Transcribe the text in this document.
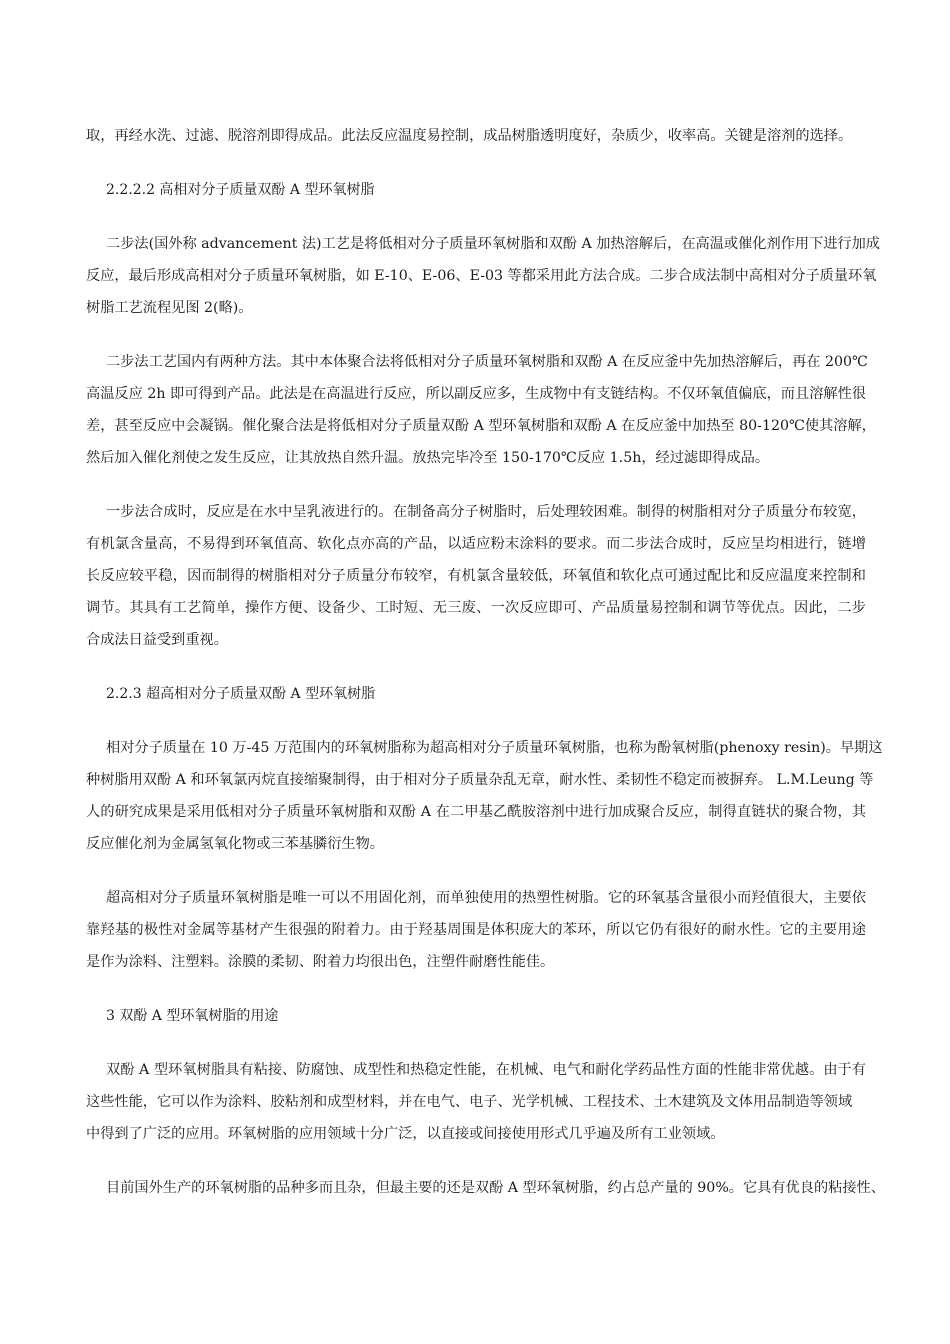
取，再经水洗、过滤、脱溶剂即得成品。此法反应温度易控制，成品树脂透明度好，杂质少，收率高。关键是溶剂的选择。
2.2.2.2 高相对分子质量双酚 A 型环氧树脂
二步法(国外称 advancement 法)工艺是将低相对分子质量环氧树脂和双酚 A 加热溶解后，在高温或催化剂作用下进行加成
反应，最后形成高相对分子质量环氧树脂，如 E-10、E-06、E-03 等都采用此方法合成。二步合成法制中高相对分子质量环氧
树脂工艺流程见图 2(略)。
二步法工艺国内有两种方法。其中本体聚合法将低相对分子质量环氧树脂和双酚 A 在反应釜中先加热溶解后，再在 200℃
高温反应 2h 即可得到产品。此法是在高温进行反应，所以副反应多，生成物中有支链结构。不仅环氧值偏底，而且溶解性很
差，甚至反应中会凝锅。催化聚合法是将低相对分子质量双酚 A 型环氧树脂和双酚 A 在反应釜中加热至 80-120℃使其溶解，
然后加入催化剂使之发生反应，让其放热自然升温。放热完毕冷至 150-170℃反应 1.5h，经过滤即得成品。
一步法合成时，反应是在水中呈乳液进行的。在制备高分子树脂时，后处理较困难。制得的树脂相对分子质量分布较宽，
有机氯含量高，不易得到环氧值高、软化点亦高的产品，以适应粉末涂料的要求。而二步法合成时，反应呈均相进行，链增
长反应较平稳，因而制得的树脂相对分子质量分布较窄，有机氯含量较低，环氧值和软化点可通过配比和反应温度来控制和
调节。其具有工艺简单，操作方便、设备少、工时短、无三废、一次反应即可、产品质量易控制和调节等优点。因此，二步
合成法日益受到重视。
2.2.3 超高相对分子质量双酚 A 型环氧树脂
相对分子质量在 10 万-45 万范围内的环氧树脂称为超高相对分子质量环氧树脂，也称为酚氧树脂(phenoxy resin)。早期这
种树脂用双酚 A 和环氧氯丙烷直接缩聚制得，由于相对分子质量杂乱无章，耐水性、柔韧性不稳定而被摒弃。 L.M.Leung 等
人的研究成果是采用低相对分子质量环氧树脂和双酚 A 在二甲基乙酰胺溶剂中进行加成聚合反应，制得直链状的聚合物，其
反应催化剂为金属氢氧化物或三苯基膦衍生物。
超高相对分子质量环氧树脂是唯一可以不用固化剂，而单独使用的热塑性树脂。它的环氧基含量很小而羟值很大，主要依
靠羟基的极性对金属等基材产生很强的附着力。由于羟基周围是体积庞大的苯环，所以它仍有很好的耐水性。它的主要用途
是作为涂料、注塑料。涂膜的柔韧、附着力均很出色，注塑件耐磨性能佳。
3 双酚 A 型环氧树脂的用途
双酚 A 型环氧树脂具有粘接、防腐蚀、成型性和热稳定性能，在机械、电气和耐化学药品性方面的性能非常优越。由于有
这些性能，它可以作为涂料、胶粘剂和成型材料，并在电气、电子、光学机械、工程技术、土木建筑及文体用品制造等领域
中得到了广泛的应用。环氧树脂的应用领域十分广泛，以直接或间接使用形式几乎遍及所有工业领域。
目前国外生产的环氧树脂的品种多而且杂，但最主要的还是双酚 A 型环氧树脂，约占总产量的 90%。它具有优良的粘接性、
